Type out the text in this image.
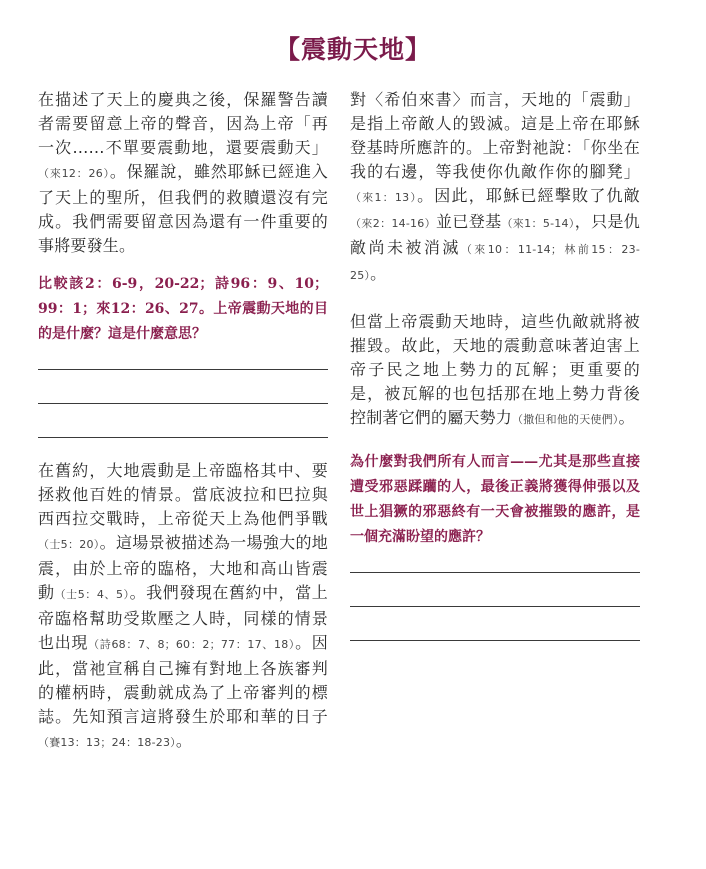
【震動天地】

在描述了天上的慶典之後，保羅警告讀者需要留意上帝的聲音，因為上帝「再一次……不單要震動地，還要震動天」（來12：26）。保羅說，雖然耶穌已經進入了天上的聖所，但我們的救贖還沒有完成。我們需要留意因為還有一件重要的事將要發生。

比較該2：6-9，20-22；詩96：9、10；99：1；來12：26、27。上帝震動天地的目的是什麼？這是什麼意思？

在舊約，大地震動是上帝臨格其中、要拯救他百姓的情景。當底波拉和巴拉與西西拉交戰時，上帝從天上為他們爭戰（士5：20）。這場景被描述為一場強大的地震，由於上帝的臨格，大地和高山皆震動（士5：4、5）。我們發現在舊約中，當上帝臨格幫助受欺壓之人時，同樣的情景也出現（詩68：7、8；60：2；77：17、18）。因此，當祂宣稱自己擁有對地上各族審判的權柄時，震動就成為了上帝審判的標誌。先知預言這將發生於耶和華的日子（賽13：13；24：18-23）。

對〈希伯來書〉而言，天地的「震動」是指上帝敵人的毀滅。這是上帝在耶穌登基時所應許的。上帝對祂說：「你坐在我的右邊，等我使你仇敵作你的腳凳」（來1：13）。因此，耶穌已經擊敗了仇敵（來2：14-16）並已登基（來1：5-14），只是仇敵尚未被消滅（來10：11-14；林前15：23-25）。

但當上帝震動天地時，這些仇敵就將被摧毀。故此，天地的震動意味著迫害上帝子民之地上勢力的瓦解；更重要的是，被瓦解的也包括那在地上勢力背後控制著它們的屬天勢力（撒但和他的天使們）。

為什麼對我們所有人而言——尤其是那些直接遭受邪惡蹂躪的人，最後正義將獲得伸張以及世上猖獗的邪惡終有一天會被摧毀的應許，是一個充滿盼望的應許？
